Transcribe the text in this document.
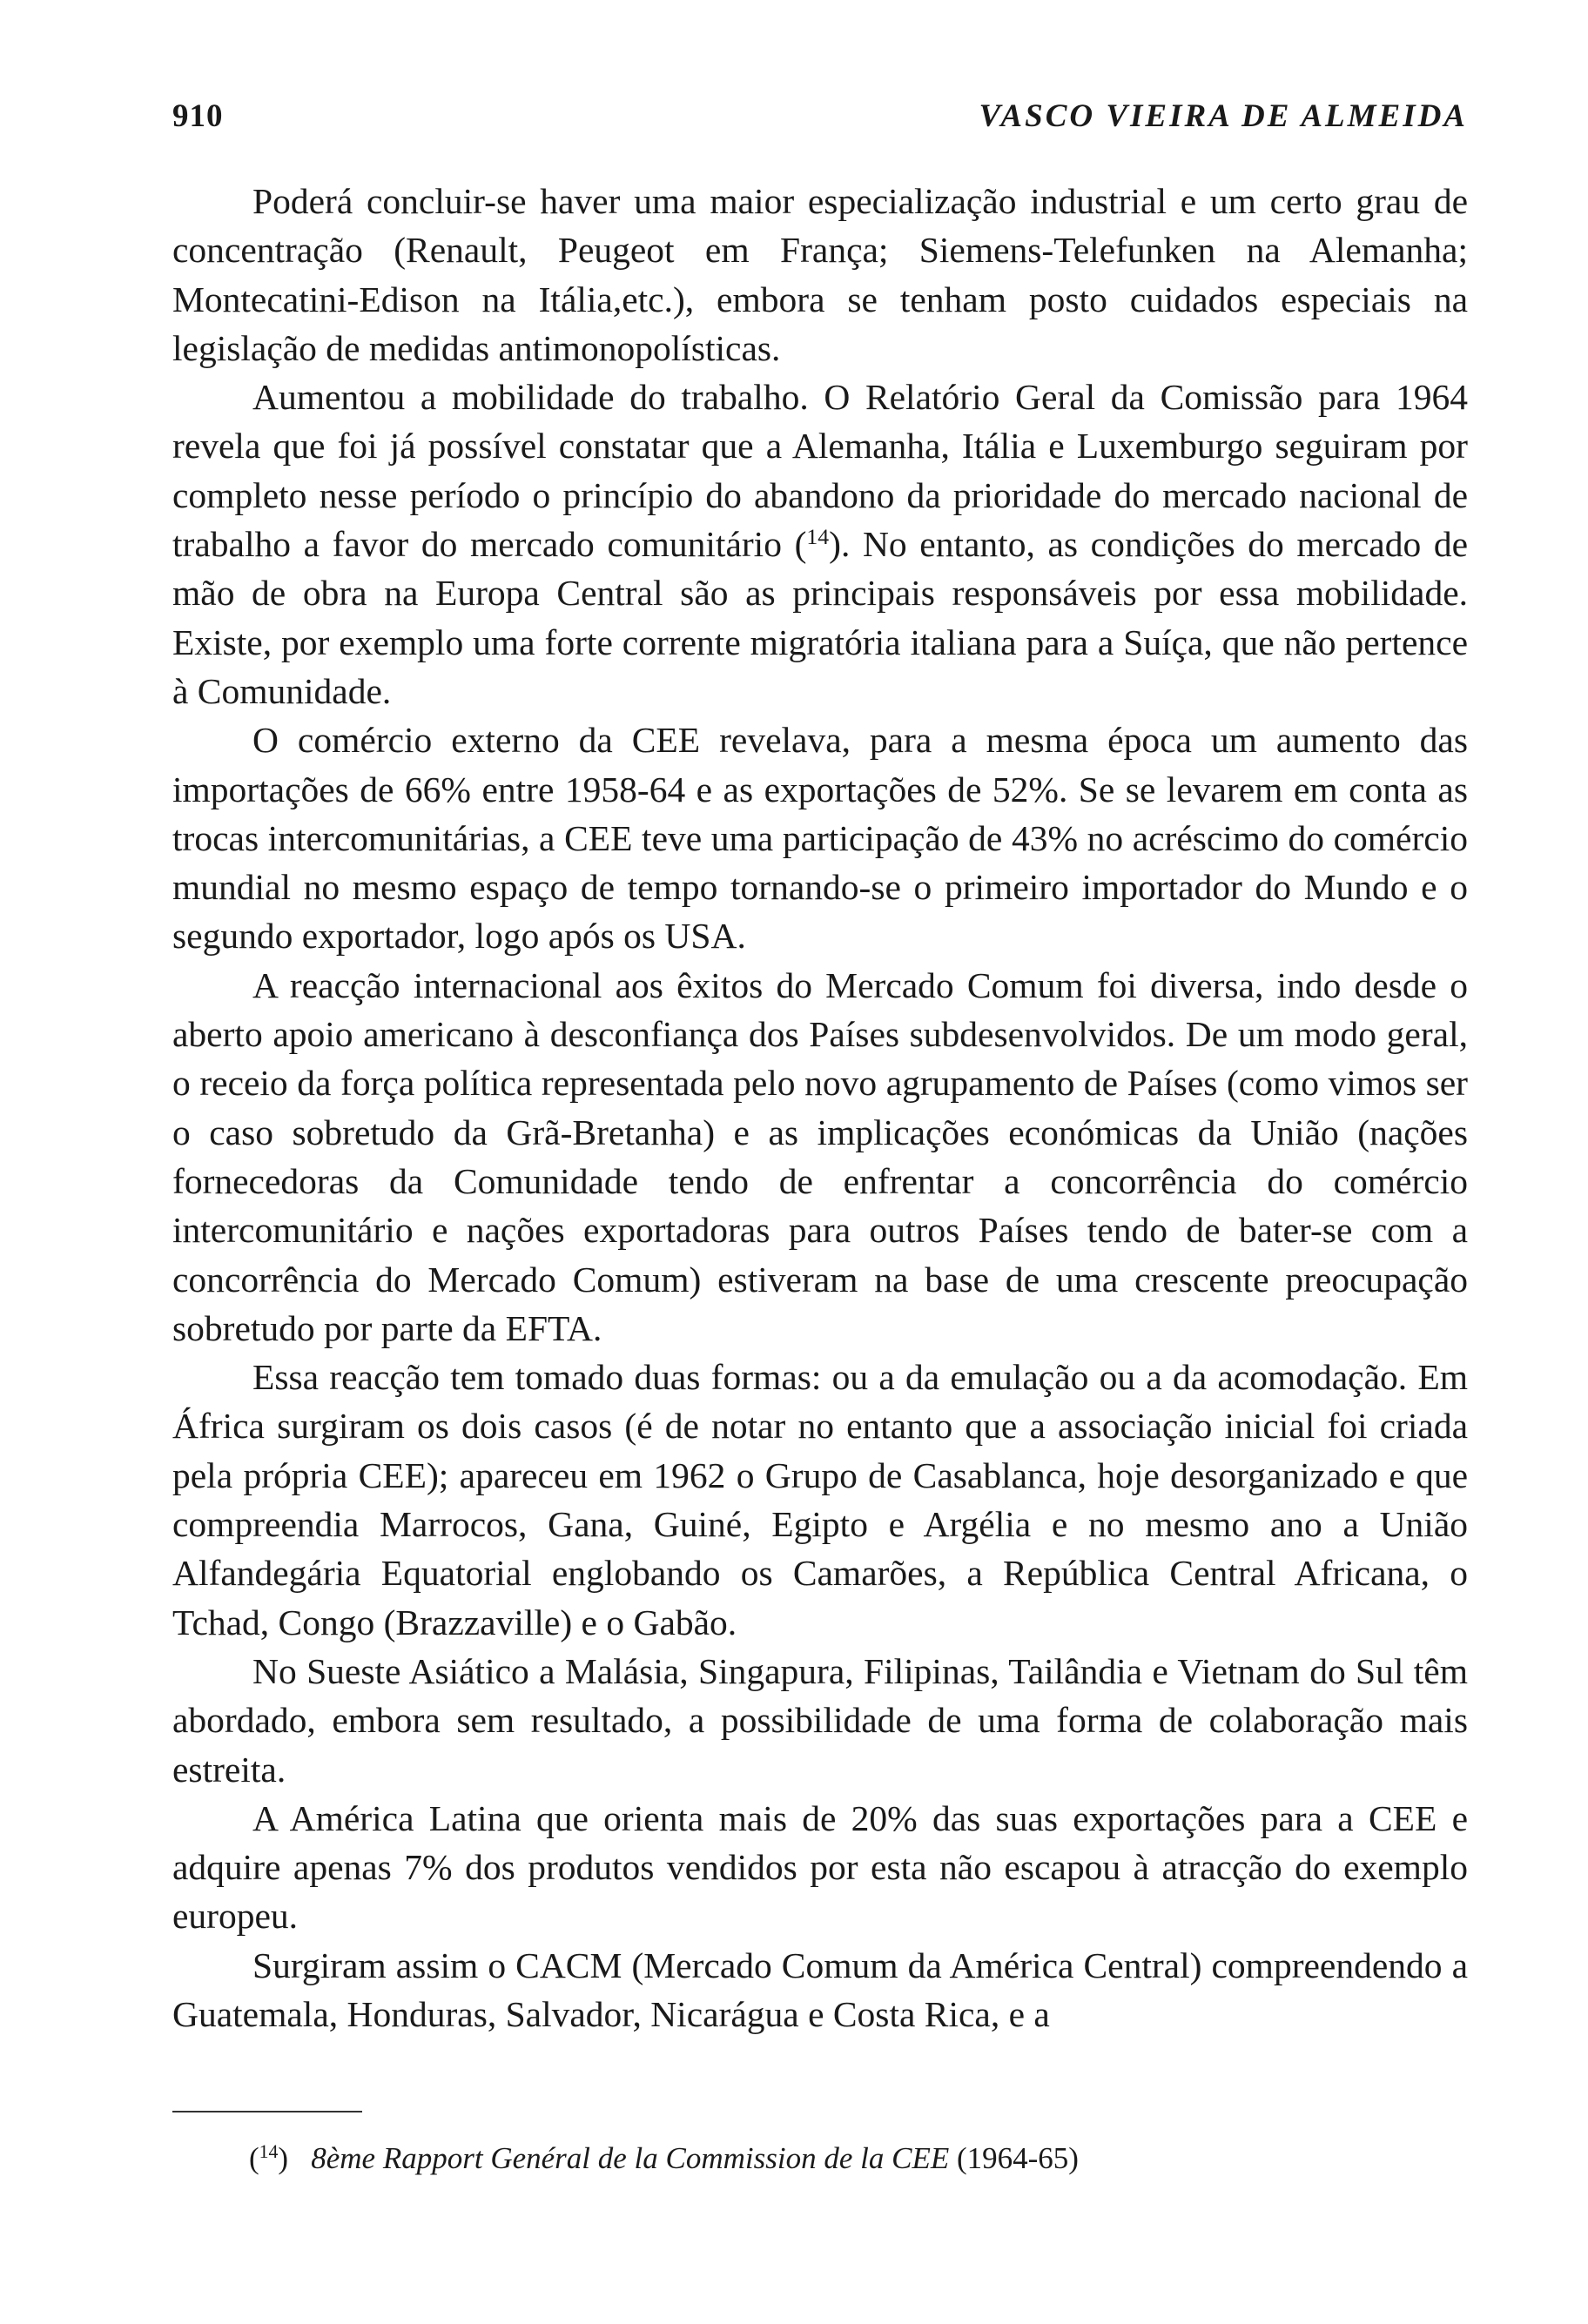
910	VASCO VIEIRA DE ALMEIDA

Poderá concluir-se haver uma maior especialização industrial e um certo grau de concentração (Renault, Peugeot em França; Siemens-Telefunken na Alemanha; Montecatini-Edison na Itália,etc.), embora se tenham posto cuidados especiais na legislação de medidas antimonopolísticas.

Aumentou a mobilidade do trabalho. O Relatório Geral da Comissão para 1964 revela que foi já possível constatar que a Alemanha, Itália e Luxemburgo seguiram por completo nesse período o princípio do abandono da prioridade do mercado nacional de trabalho a favor do mercado comunitário ($^{14}$). No entanto, as condições do mercado de mão de obra na Europa Central são as principais responsáveis por essa mobilidade. Existe, por exemplo uma forte corrente migratória italiana para a Suíça, que não pertence à Comunidade.

O comércio externo da CEE revelava, para a mesma época um aumento das importações de 66% entre 1958-64 e as exportações de 52%. Se se levarem em conta as trocas intercomunitárias, a CEE teve uma participação de 43% no acréscimo do comércio mundial no mesmo espaço de tempo tornando-se o primeiro importador do Mundo e o segundo exportador, logo após os USA.

A reacção internacional aos êxitos do Mercado Comum foi diversa, indo desde o aberto apoio americano à desconfiança dos Países subdesenvolvidos. De um modo geral, o receio da força política representada pelo novo agrupamento de Países (como vimos ser o caso sobretudo da Grã-Bretanha) e as implicações económicas da União (nações fornecedoras da Comunidade tendo de enfrentar a concorrência do comércio intercomunitário e nações exportadoras para outros Países tendo de bater-se com a concorrência do Mercado Comum) estiveram na base de uma crescente preocupação sobretudo por parte da EFTA.

Essa reacção tem tomado duas formas: ou a da emulação ou a da acomodação. Em África surgiram os dois casos (é de notar no entanto que a associação inicial foi criada pela própria CEE); apareceu em 1962 o Grupo de Casablanca, hoje desorganizado e que compreendia Marrocos, Gana, Guiné, Egipto e Argélia e no mesmo ano a União Alfandegária Equatorial englobando os Camarões, a República Central Africana, o Tchad, Congo (Brazzaville) e o Gabão.

No Sueste Asiático a Malásia, Singapura, Filipinas, Tailândia e Vietnam do Sul têm abordado, embora sem resultado, a possibilidade de uma forma de colaboração mais estreita.

A América Latina que orienta mais de 20% das suas exportações para a CEE e adquire apenas 7% dos produtos vendidos por esta não escapou à atracção do exemplo europeu.

Surgiram assim o CACM (Mercado Comum da América Central) compreendendo a Guatemala, Honduras, Salvador, Nicarágua e Costa Rica, e a

($^{14}$) 8ème Rapport Genéral de la Commission de la CEE (1964-65)
